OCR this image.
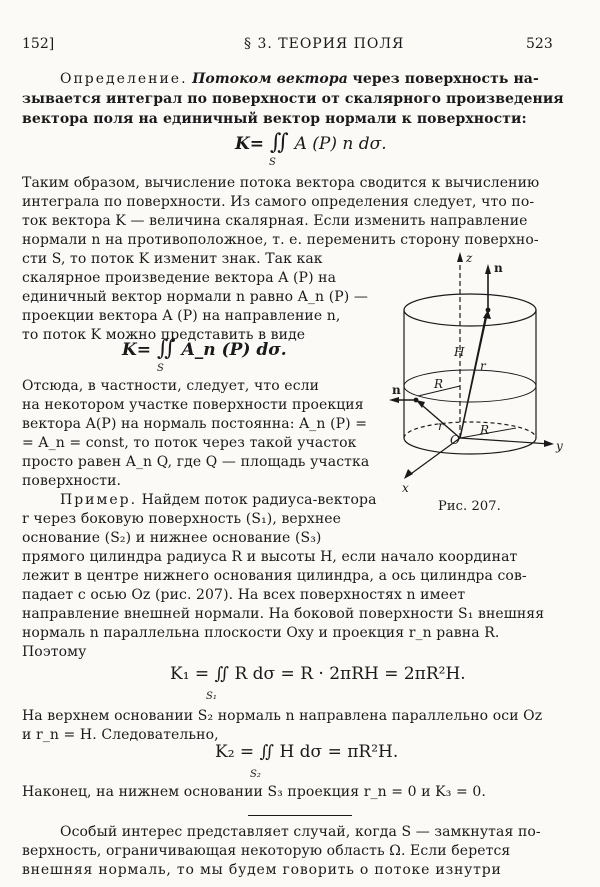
152]	§ 3. ТЕОРИЯ ПОЛЯ	523
Определение. Потоком вектора через поверхность на-
зывается интеграл по поверхности от скалярного произведения
вектора поля на единичный вектор нормали к поверхности:
K= ∬ A (P) n dσ.
S
Таким образом, вычисление потока вектора сводится к вычислению
интеграла по поверхности. Из самого определения следует, что по-
ток вектора K — величина скалярная. Если изменить направление
нормали n на противоположное, т. е. переменить сторону поверхно-
сти S, то поток K изменит знак. Так как
скалярное произведение вектора A (P) на
единичный вектор нормали n равно A_n (P) —
проекции вектора A (P) на направление n,
то поток K можно представить в виде
K= ∬ A_n (P) dσ.
S
Отсюда, в частности, следует, что если
на некотором участке поверхности проекция
вектора A(P) на нормаль постоянна: A_n (P) =
= A_n = const, то поток через такой участок
просто равен A_n Q, где Q — площадь участка
поверхности.
Пример. Найдем поток радиуса-вектора
r через боковую поверхность (S₁), верхнее
основание (S₂) и нижнее основание (S₃)
прямого цилиндра радиуса R и высоты H, если начало координат
лежит в центре нижнего основания цилиндра, а ось цилиндра сов-
падает с осью Oz (рис. 207). На всех поверхностях n имеет
направление внешней нормали. На боковой поверхности S₁ внешняя
нормаль n параллельна плоскости Oxy и проекция r_n равна R.
Поэтому
K₁ = ∬ R dσ = R · 2πRH = 2πR²H.
S₁
На верхнем основании S₂ нормаль n направлена параллельно оси Oz
и r_n = H. Следовательно,
K₂ = ∬ H dσ = πR²H.
S₂
Наконец, на нижнем основании S₃ проекция r_n = 0 и K₃ = 0.
Особый интерес представляет случай, когда S — замкнутая по-
верхность, ограничивающая некоторую область Ω. Если берется
внешняя нормаль, то мы будем говорить о потоке изнутри
z
n
H
r
R
n
r
O
R
y
x
Рис. 207.
